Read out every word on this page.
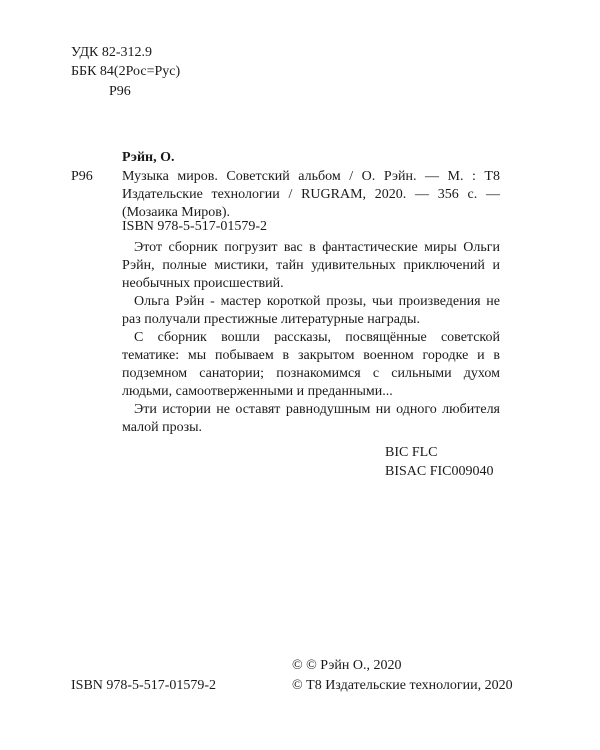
УДК 82-312.9
ББК 84(2Рос=Рус)
Р96
Рэйн, О.
Р96 Музыка миров. Советский альбом / О. Рэйн. — М. : Т8 Издательские технологии / RUGRAM, 2020. — 356 с. — (Мозаика Миров).
ISBN 978-5-517-01579-2

Этот сборник погрузит вас в фантастические миры Ольги Рэйн, полные мистики, тайн удивительных приключений и необычных происшествий.

Ольга Рэйн - мастер короткой прозы, чьи произведения не раз получали престижные литературные награды.

С сборник вошли рассказы, посвящённые советской тематике: мы побываем в закрытом военном городке и в подземном санатории; познакомимся с сильными духом людьми, самоотверженными и преданными...

Эти истории не оставят равнодушным ни одного любителя малой прозы.

BIC FLC
BISAC FIC009040
ISBN 978-5-517-01579-2
© © Рэйн О., 2020
© Т8 Издательские технологии, 2020
